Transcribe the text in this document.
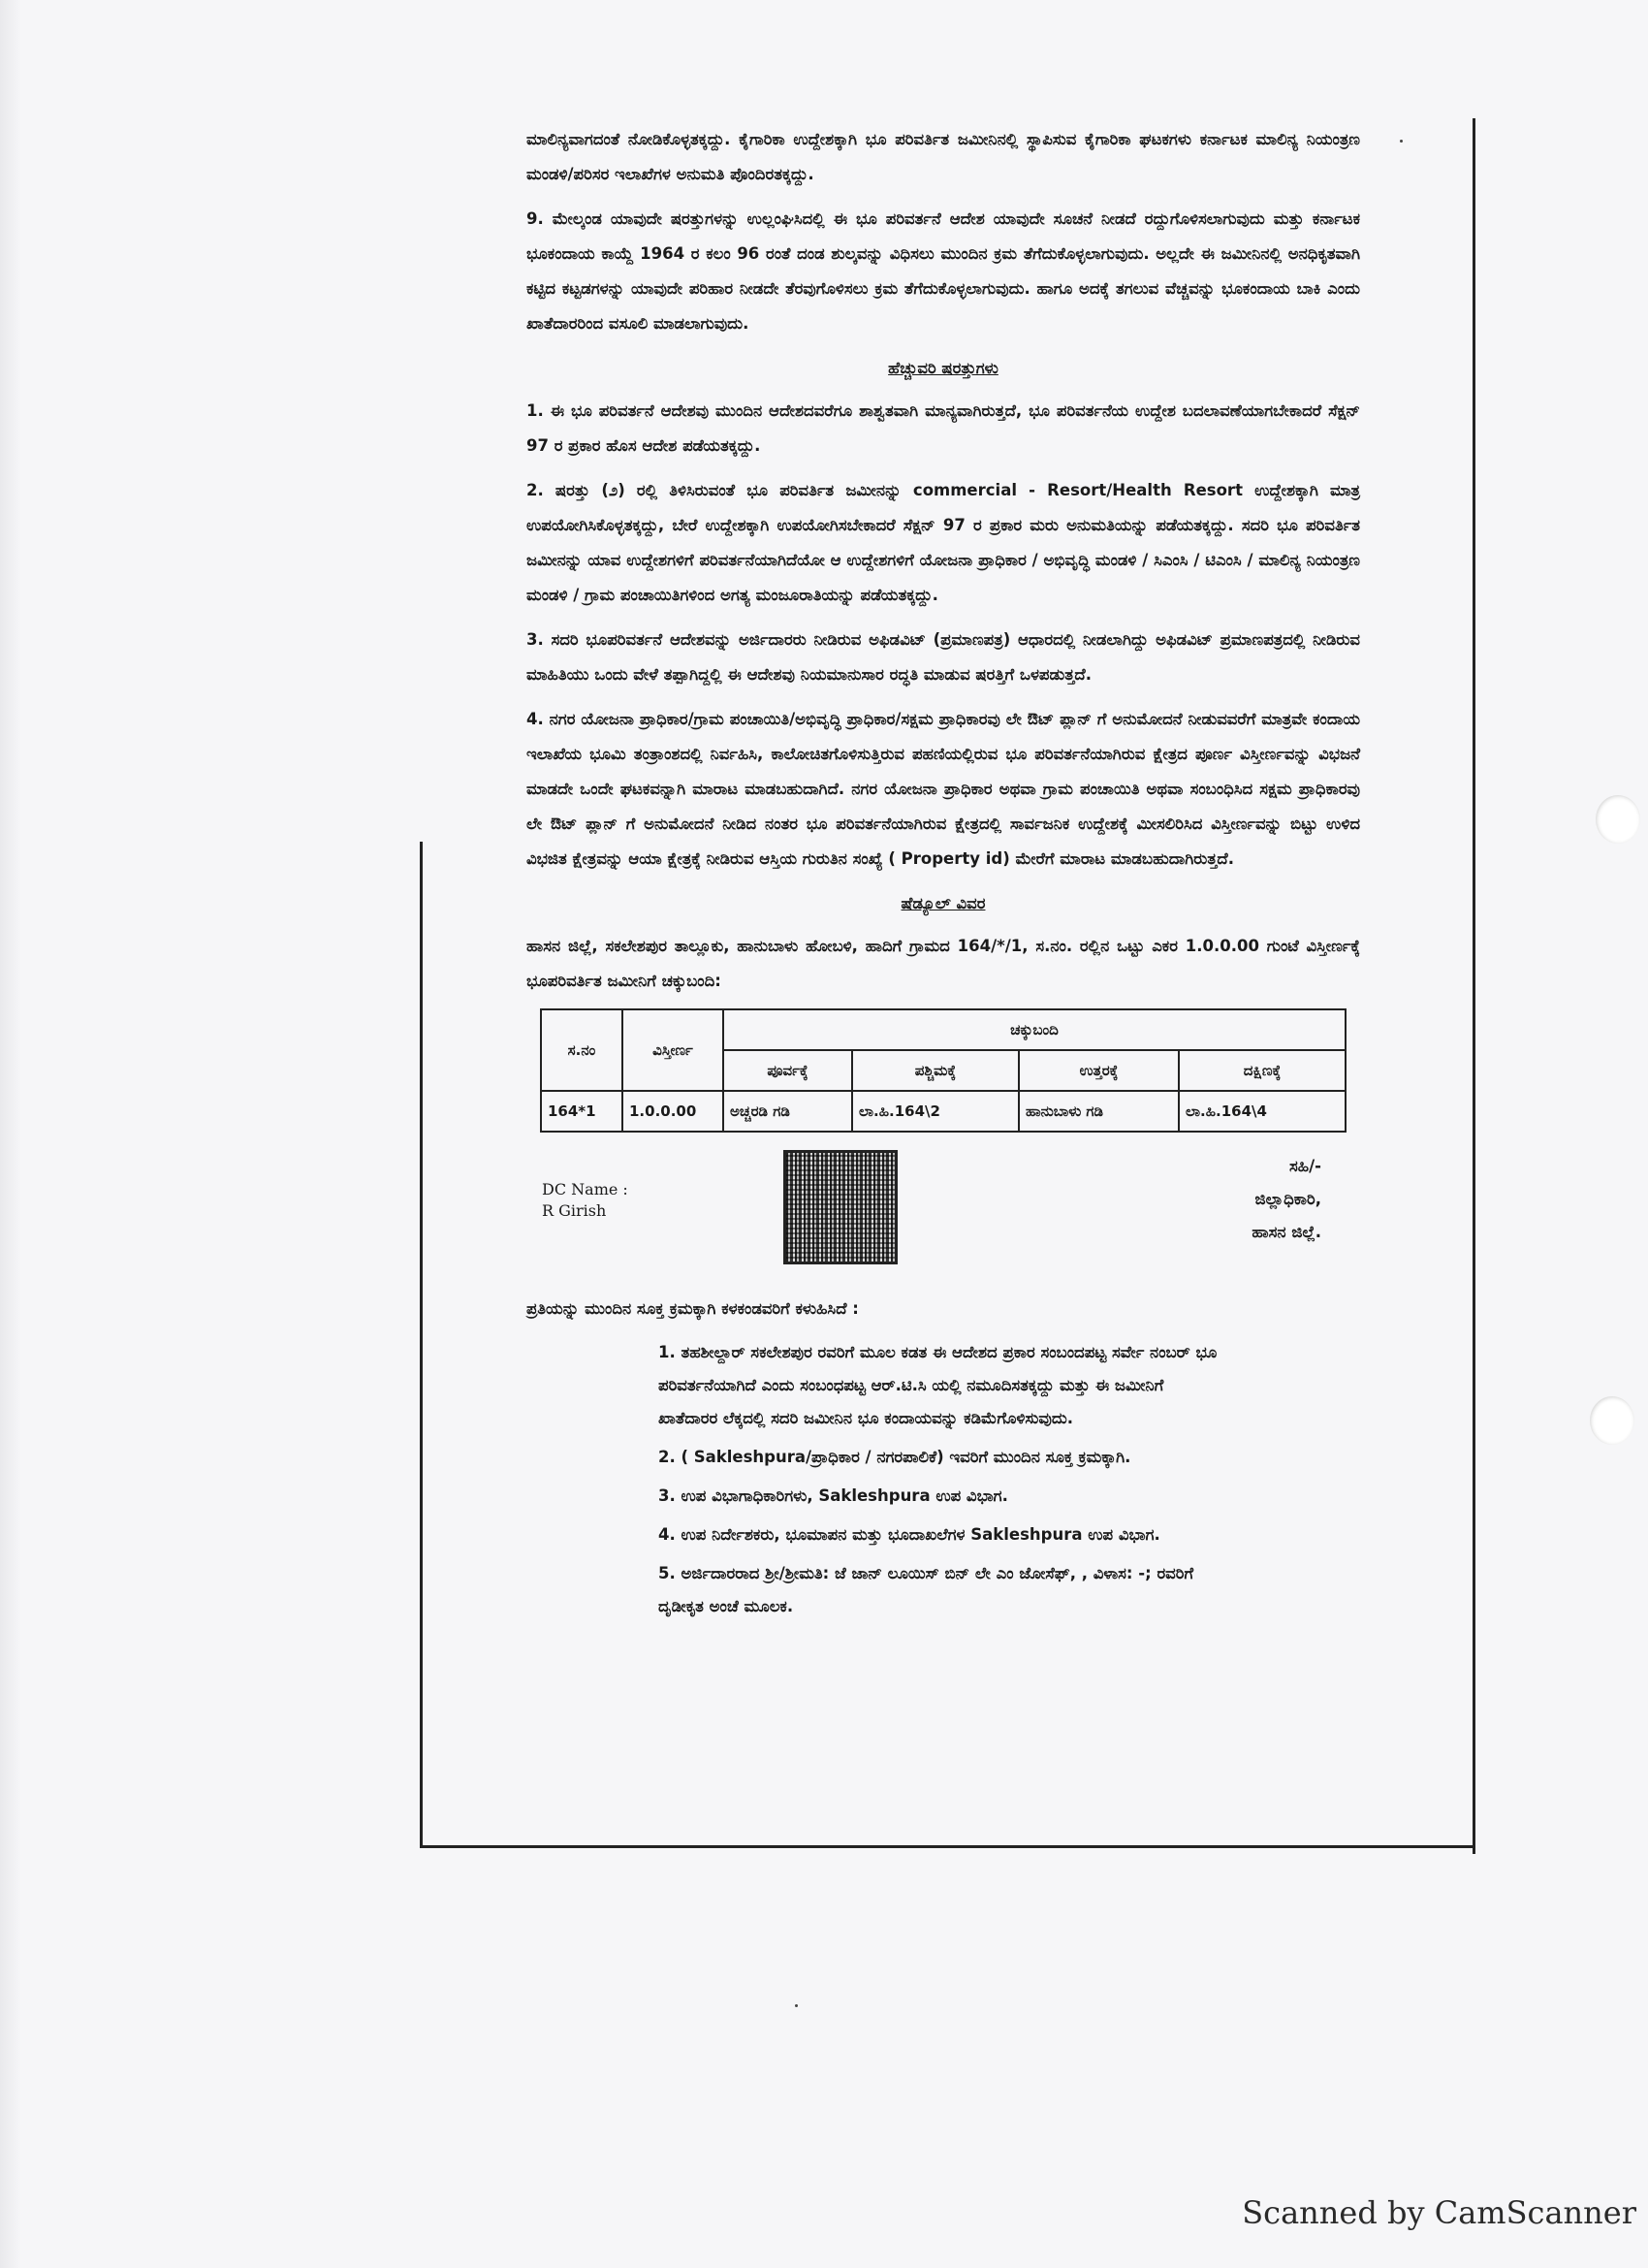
ಮಾಲಿನ್ಯವಾಗದಂತೆ ನೋಡಿಕೊಳ್ಳತಕ್ಕದ್ದು. ಕೈಗಾರಿಕಾ ಉದ್ದೇಶಕ್ಕಾಗಿ ಭೂ ಪರಿವರ್ತಿತ ಜಮೀನಿನಲ್ಲಿ ಸ್ಥಾಪಿಸುವ ಕೈಗಾರಿಕಾ ಘಟಕಗಳು ಕರ್ನಾಟಕ ಮಾಲಿನ್ಯ ನಿಯಂತ್ರಣ ಮಂಡಳಿ/ಪರಿಸರ ಇಲಾಖೆಗಳ ಅನುಮತಿ ಪೊಂದಿರತಕ್ಕದ್ದು.

9. ಮೇಲ್ಕಂಡ ಯಾವುದೇ ಷರತ್ತುಗಳನ್ನು ಉಲ್ಲಂಘಿಸಿದಲ್ಲಿ ಈ ಭೂ ಪರಿವರ್ತನೆ ಆದೇಶ ಯಾವುದೇ ಸೂಚನೆ ನೀಡದೆ ರದ್ದುಗೊಳಿಸಲಾಗುವುದು ಮತ್ತು ಕರ್ನಾಟಕ ಭೂಕಂದಾಯ ಕಾಯ್ದೆ 1964 ರ ಕಲಂ 96 ರಂತೆ ದಂಡ ಶುಲ್ಕವನ್ನು ವಿಧಿಸಲು ಮುಂದಿನ ಕ್ರಮ ತೆಗೆದುಕೊಳ್ಳಲಾಗುವುದು. ಅಲ್ಲದೇ ಈ ಜಮೀನಿನಲ್ಲಿ ಅನಧಿಕೃತವಾಗಿ ಕಟ್ಟಿದ ಕಟ್ಟಡಗಳನ್ನು ಯಾವುದೇ ಪರಿಹಾರ ನೀಡದೇ ತೆರವುಗೊಳಿಸಲು ಕ್ರಮ ತೆಗೆದುಕೊಳ್ಳಲಾಗುವುದು. ಹಾಗೂ ಅದಕ್ಕೆ ತಗಲುವ ವೆಚ್ಚವನ್ನು ಭೂಕಂದಾಯ ಬಾಕಿ ಎಂದು ಖಾತೆದಾರರಿಂದ ವಸೂಲಿ ಮಾಡಲಾಗುವುದು.

ಹೆಚ್ಚುವರಿ ಷರತ್ತುಗಳು

1. ಈ ಭೂ ಪರಿವರ್ತನೆ ಆದೇಶವು ಮುಂದಿನ ಆದೇಶದವರೆಗೂ ಶಾಶ್ವತವಾಗಿ ಮಾನ್ಯವಾಗಿರುತ್ತದೆ, ಭೂ ಪರಿವರ್ತನೆಯ ಉದ್ದೇಶ ಬದಲಾವಣೆಯಾಗಬೇಕಾದರೆ ಸೆಕ್ಷನ್ 97 ರ ಪ್ರಕಾರ ಹೊಸ ಆದೇಶ ಪಡೆಯತಕ್ಕದ್ದು.

2. ಷರತ್ತು (೨) ರಲ್ಲಿ ತಿಳಿಸಿರುವಂತೆ ಭೂ ಪರಿವರ್ತಿತ ಜಮೀನನ್ನು commercial - Resort/Health Resort ಉದ್ದೇಶಕ್ಕಾಗಿ ಮಾತ್ರ ಉಪಯೋಗಿಸಿಕೊಳ್ಳತಕ್ಕದ್ದು, ಬೇರೆ ಉದ್ದೇಶಕ್ಕಾಗಿ ಉಪಯೋಗಿಸಬೇಕಾದರೆ ಸೆಕ್ಷನ್ 97 ರ ಪ್ರಕಾರ ಮರು ಅನುಮತಿಯನ್ನು ಪಡೆಯತಕ್ಕದ್ದು. ಸದರಿ ಭೂ ಪರಿವರ್ತಿತ ಜಮೀನನ್ನು ಯಾವ ಉದ್ದೇಶಗಳಿಗೆ ಪರಿವರ್ತನೆಯಾಗಿದೆಯೋ ಆ ಉದ್ದೇಶಗಳಿಗೆ ಯೋಜನಾ ಪ್ರಾಧಿಕಾರ / ಅಭಿವೃದ್ಧಿ ಮಂಡಳಿ / ಸಿಎಂಸಿ / ಟಿಎಂಸಿ / ಮಾಲಿನ್ಯ ನಿಯಂತ್ರಣ ಮಂಡಳಿ / ಗ್ರಾಮ ಪಂಚಾಯಿತಿಗಳಿಂದ ಅಗತ್ಯ ಮಂಜೂರಾತಿಯನ್ನು ಪಡೆಯತಕ್ಕದ್ದು.

3. ಸದರಿ ಭೂಪರಿವರ್ತನೆ ಆದೇಶವನ್ನು ಅರ್ಜಿದಾರರು ನೀಡಿರುವ ಅಫಿಡವಿಟ್ (ಪ್ರಮಾಣಪತ್ರ) ಆಧಾರದಲ್ಲಿ ನೀಡಲಾಗಿದ್ದು ಅಫಿಡವಿಟ್ ಪ್ರಮಾಣಪತ್ರದಲ್ಲಿ ನೀಡಿರುವ ಮಾಹಿತಿಯು ಒಂದು ವೇಳೆ ತಪ್ಪಾಗಿದ್ದಲ್ಲಿ ಈ ಆದೇಶವು ನಿಯಮಾನುಸಾರ ರದ್ಧತಿ ಮಾಡುವ ಷರತ್ತಿಗೆ ಒಳಪಡುತ್ತದೆ.

4. ನಗರ ಯೋಜನಾ ಪ್ರಾಧಿಕಾರ/ಗ್ರಾಮ ಪಂಚಾಯಿತಿ/ಅಭಿವೃದ್ಧಿ ಪ್ರಾಧಿಕಾರ/ಸಕ್ಷಮ ಪ್ರಾಧಿಕಾರವು ಲೇ ಔಟ್ ಪ್ಲಾನ್ ಗೆ ಅನುಮೋದನೆ ನೀಡುವವರೆಗೆ ಮಾತ್ರವೇ ಕಂದಾಯ ಇಲಾಖೆಯ ಭೂಮಿ ತಂತ್ರಾಂಶದಲ್ಲಿ ನಿರ್ವಹಿಸಿ, ಕಾಲೋಚಿತಗೊಳಿಸುತ್ತಿರುವ ಪಹಣಿಯಲ್ಲಿರುವ ಭೂ ಪರಿವರ್ತನೆಯಾಗಿರುವ ಕ್ಷೇತ್ರದ ಪೂರ್ಣ ವಿಸ್ತೀರ್ಣವನ್ನು ವಿಭಜನೆ ಮಾಡದೇ ಒಂದೇ ಘಟಕವನ್ನಾಗಿ ಮಾರಾಟ ಮಾಡಬಹುದಾಗಿದೆ. ನಗರ ಯೋಜನಾ ಪ್ರಾಧಿಕಾರ ಅಥವಾ ಗ್ರಾಮ ಪಂಚಾಯಿತಿ ಅಥವಾ ಸಂಬಂಧಿಸಿದ ಸಕ್ಷಮ ಪ್ರಾಧಿಕಾರವು ಲೇ ಔಟ್ ಪ್ಲಾನ್ ಗೆ ಅನುಮೋದನೆ ನೀಡಿದ ನಂತರ ಭೂ ಪರಿವರ್ತನೆಯಾಗಿರುವ ಕ್ಷೇತ್ರದಲ್ಲಿ ಸಾರ್ವಜನಿಕ ಉದ್ದೇಶಕ್ಕೆ ಮೀಸಲಿರಿಸಿದ ವಿಸ್ತೀರ್ಣವನ್ನು ಬಿಟ್ಟು ಉಳಿದ ವಿಭಜಿತ ಕ್ಷೇತ್ರವನ್ನು ಆಯಾ ಕ್ಷೇತ್ರಕ್ಕೆ ನೀಡಿರುವ ಆಸ್ತಿಯ ಗುರುತಿನ ಸಂಖ್ಯೆ ( Property id) ಮೇರೆಗೆ ಮಾರಾಟ ಮಾಡಬಹುದಾಗಿರುತ್ತದೆ.

ಷೆಡ್ಯೂಲ್ ವಿವರ

ಹಾಸನ ಜಿಲ್ಲೆ, ಸಕಲೇಶಪುರ ತಾಲ್ಲೂಕು, ಹಾನುಬಾಳು ಹೋಬಳಿ, ಹಾದಿಗೆ ಗ್ರಾಮದ 164/*/1, ಸ.ನಂ. ರಲ್ಲಿನ ಒಟ್ಟು ಎಕರ 1.0.0.00 ಗುಂಟೆ ವಿಸ್ತೀರ್ಣಕ್ಕೆ ಭೂಪರಿವರ್ತಿತ ಜಮೀನಿಗೆ ಚಕ್ಕುಬಂದಿ:

ಸ.ನಂ	ವಿಸ್ತೀರ್ಣ	ಚಕ್ಕುಬಂದಿ			
		ಪೂರ್ವಕ್ಕೆ	ಪಶ್ಚಿಮಕ್ಕೆ	ಉತ್ತರಕ್ಕೆ	ದಕ್ಷಿಣಕ್ಕೆ
164*1	1.0.0.00	ಅಚ್ಚರಡಿ ಗಡಿ	ಲಾ.ಹಿ.164\2	ಹಾನುಬಾಳು ಗಡಿ	ಲಾ.ಹಿ.164\4
DC Name :
R Girish
ಸಹಿ/-
ಜಿಲ್ಲಾಧಿಕಾರಿ,
ಹಾಸನ ಜಿಲ್ಲೆ.
ಪ್ರತಿಯನ್ನು ಮುಂದಿನ ಸೂಕ್ತ ಕ್ರಮಕ್ಕಾಗಿ ಕಳಕಂಡವರಿಗೆ ಕಳುಹಿಸಿದೆ :

1. ತಹಶೀಲ್ದಾರ್ ಸಕಲೇಶಪುರ ರವರಿಗೆ ಮೂಲ ಕಡತ ಈ ಆದೇಶದ ಪ್ರಕಾರ ಸಂಬಂದಪಟ್ಟ ಸರ್ವೇ ನಂಬರ್ ಭೂ ಪರಿವರ್ತನೆಯಾಗಿದೆ ಎಂದು ಸಂಬಂಧಪಟ್ಟ ಆರ್.ಟಿ.ಸಿ ಯಲ್ಲಿ ನಮೂದಿಸತಕ್ಕದ್ದು ಮತ್ತು ಈ ಜಮೀನಿಗೆ ಖಾತೆದಾರರ ಲೆಕ್ಕದಲ್ಲಿ ಸದರಿ ಜಮೀನಿನ ಭೂ ಕಂದಾಯವನ್ನು ಕಡಿಮೆಗೊಳಿಸುವುದು.

2. ( Sakleshpura/ಪ್ರಾಧಿಕಾರ / ನಗರಪಾಲಿಕೆ) ಇವರಿಗೆ ಮುಂದಿನ ಸೂಕ್ತ ಕ್ರಮಕ್ಕಾಗಿ.

3. ಉಪ ವಿಭಾಗಾಧಿಕಾರಿಗಳು, Sakleshpura ಉಪ ವಿಭಾಗ.

4. ಉಪ ನಿರ್ದೇಶಕರು, ಭೂಮಾಪನ ಮತ್ತು ಭೂದಾಖಲೆಗಳ Sakleshpura ಉಪ ವಿಭಾಗ.

5. ಅರ್ಜಿದಾರರಾದ ಶ್ರೀ/ಶ್ರೀಮತಿ: ಜೆ ಜಾನ್ ಲೂಯಿಸ್ ಬಿನ್ ಲೇ ಎಂ ಜೋಸೆಫ್, , ವಿಳಾಸ: -; ರವರಿಗೆ ದೃಡೀಕೃತ ಅಂಚೆ ಮೂಲಕ.

Scanned by CamScanner
